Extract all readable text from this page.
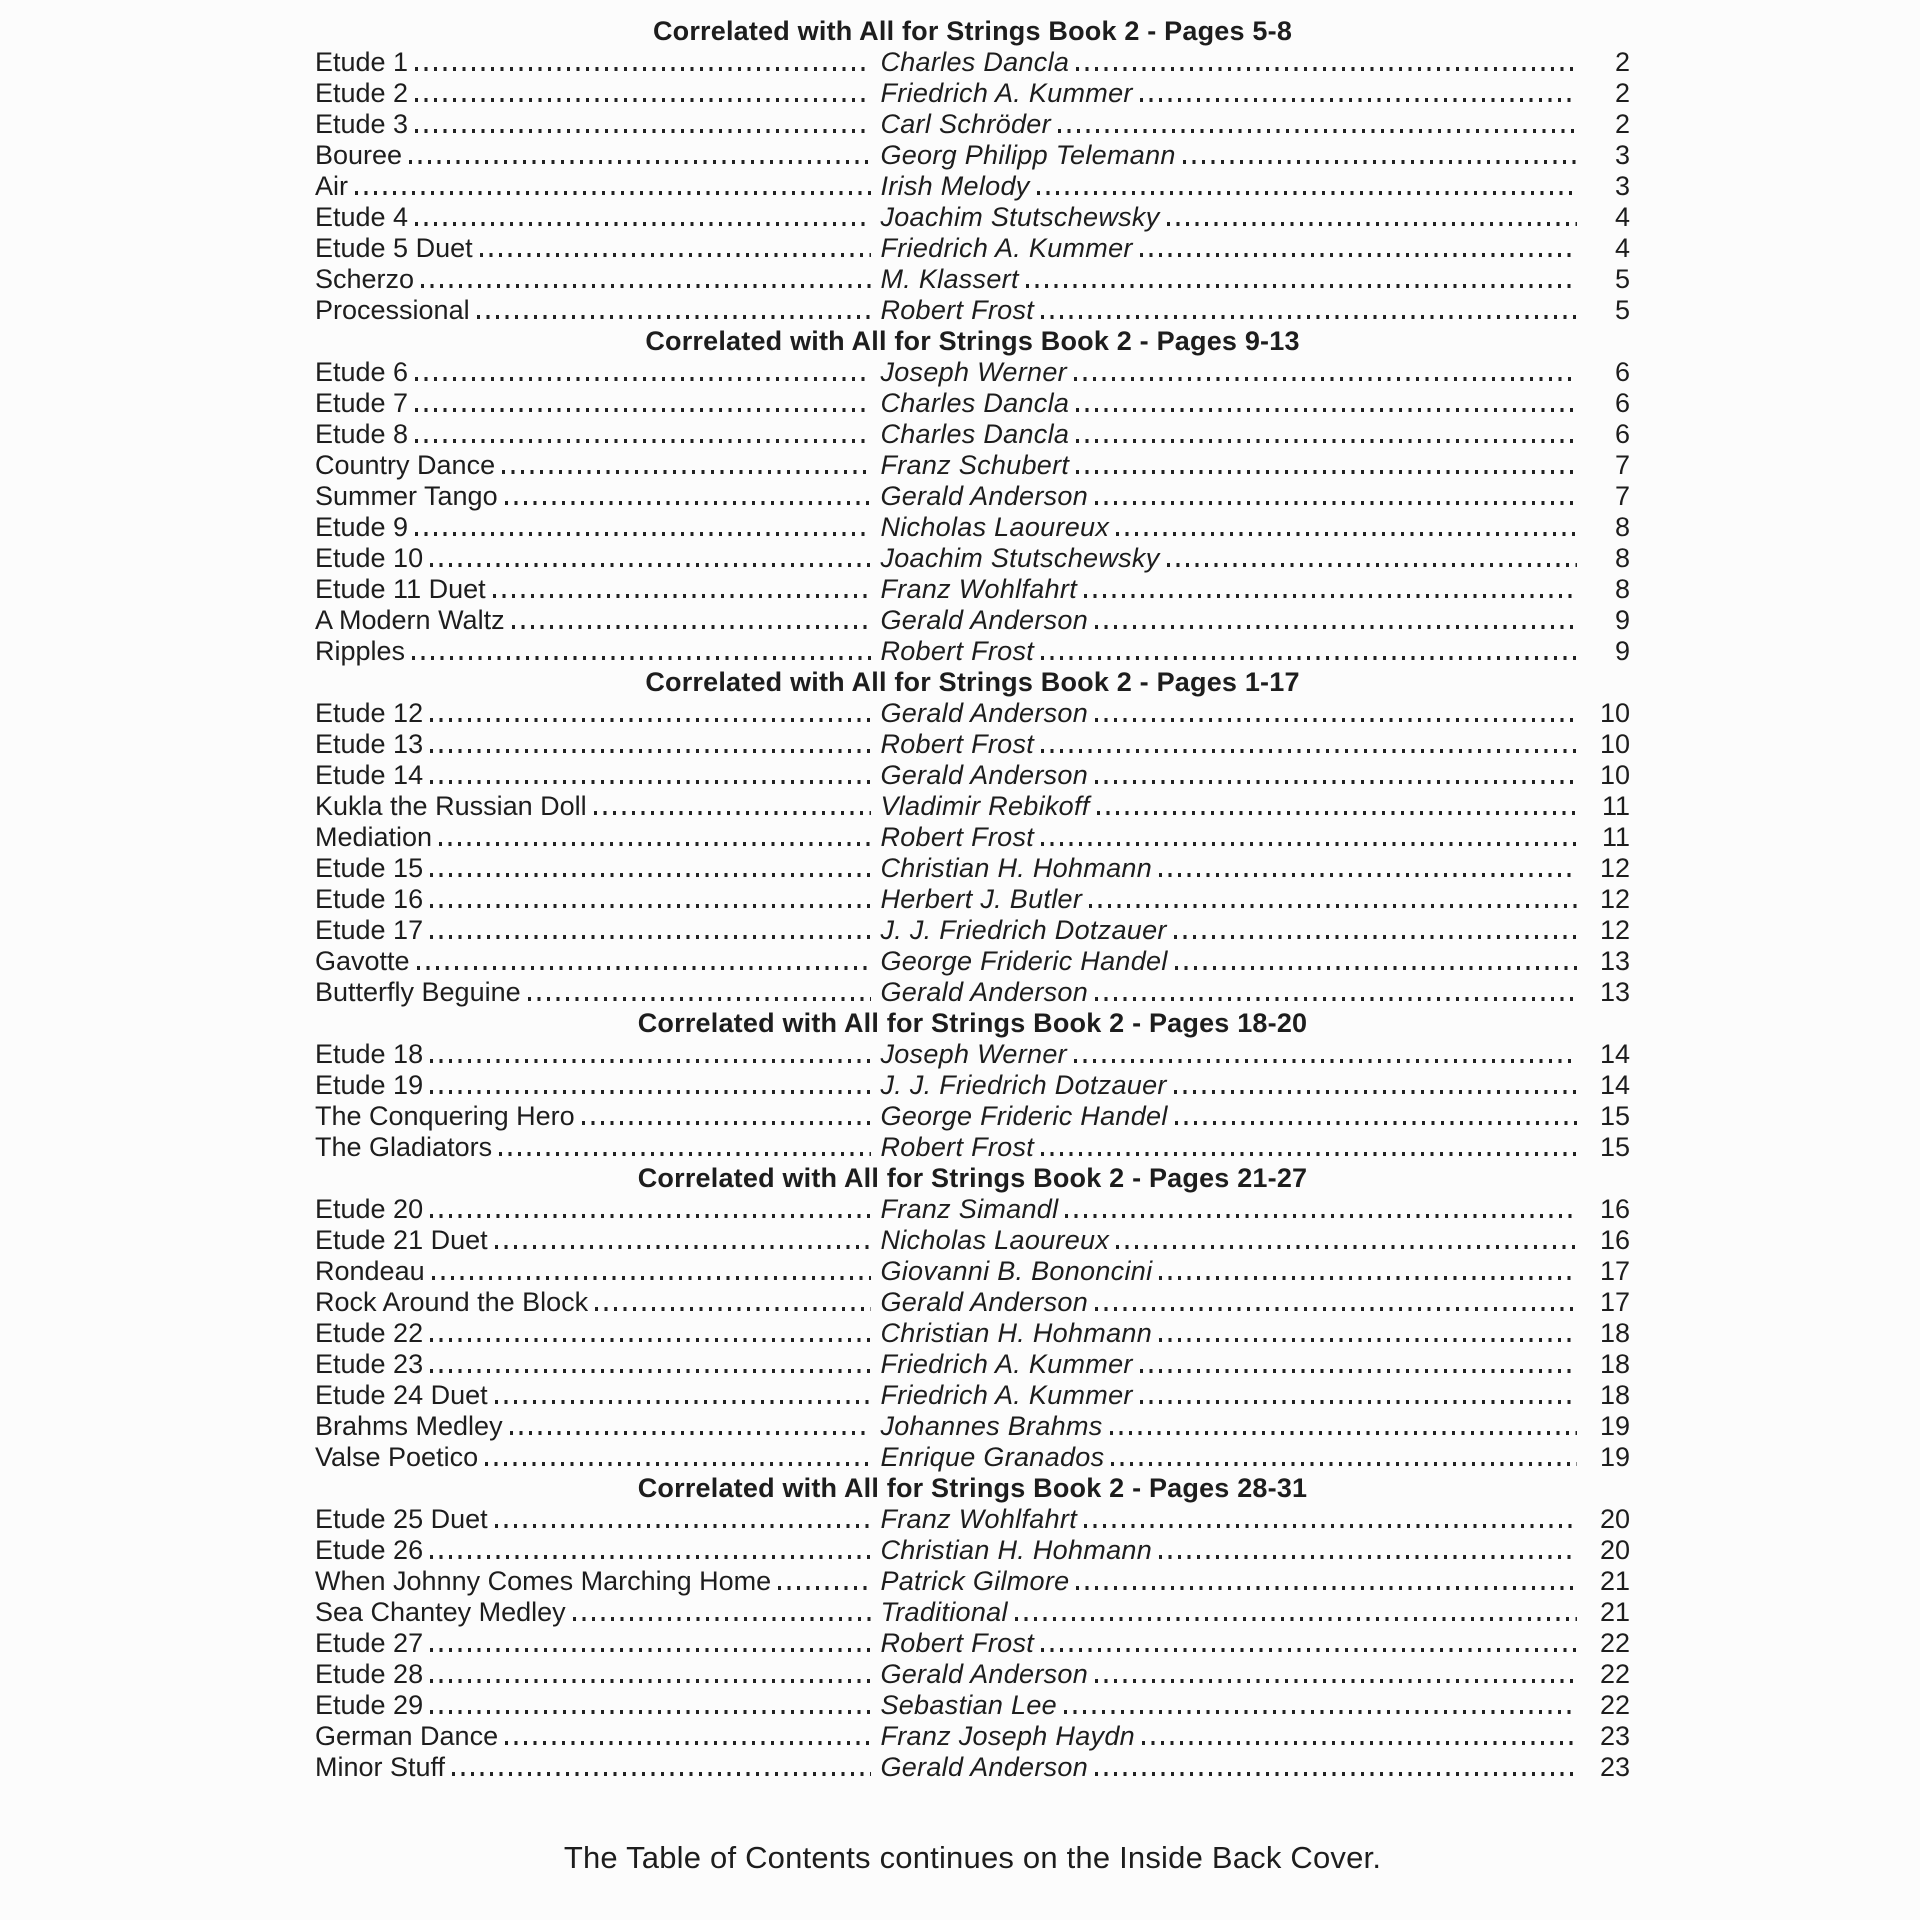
Correlated with All for Strings Book 2 - Pages 5-8
Etude 1	Charles Dancla	2
Etude 2	Friedrich A. Kummer	2
Etude 3	Carl Schröder	2
Bouree	Georg Philipp Telemann	3
Air	Irish Melody	3
Etude 4	Joachim Stutschewsky	4
Etude 5 Duet	Friedrich A. Kummer	4
Scherzo	M. Klassert	5
Processional	Robert Frost	5
Correlated with All for Strings Book 2 - Pages 9-13
Etude 6	Joseph Werner	6
Etude 7	Charles Dancla	6
Etude 8	Charles Dancla	6
Country Dance	Franz Schubert	7
Summer Tango	Gerald Anderson	7
Etude 9	Nicholas Laoureux	8
Etude 10	Joachim Stutschewsky	8
Etude 11 Duet	Franz Wohlfahrt	8
A Modern Waltz	Gerald Anderson	9
Ripples	Robert Frost	9
Correlated with All for Strings Book 2 - Pages 1-17
Etude 12	Gerald Anderson	10
Etude 13	Robert Frost	10
Etude 14	Gerald Anderson	10
Kukla the Russian Doll	Vladimir Rebikoff	11
Mediation	Robert Frost	11
Etude 15	Christian H. Hohmann	12
Etude 16	Herbert J. Butler	12
Etude 17	J. J. Friedrich Dotzauer	12
Gavotte	George Frideric Handel	13
Butterfly Beguine	Gerald Anderson	13
Correlated with All for Strings Book 2 - Pages 18-20
Etude 18	Joseph Werner	14
Etude 19	J. J. Friedrich Dotzauer	14
The Conquering Hero	George Frideric Handel	15
The Gladiators	Robert Frost	15
Correlated with All for Strings Book 2 - Pages 21-27
Etude 20	Franz Simandl	16
Etude 21 Duet	Nicholas Laoureux	16
Rondeau	Giovanni B. Bononcini	17
Rock Around the Block	Gerald Anderson	17
Etude 22	Christian H. Hohmann	18
Etude 23	Friedrich A. Kummer	18
Etude 24 Duet	Friedrich A. Kummer	18
Brahms Medley	Johannes Brahms	19
Valse Poetico	Enrique Granados	19
Correlated with All for Strings Book 2 - Pages 28-31
Etude 25 Duet	Franz Wohlfahrt	20
Etude 26	Christian H. Hohmann	20
When Johnny Comes Marching Home	Patrick Gilmore	21
Sea Chantey Medley	Traditional	21
Etude 27	Robert Frost	22
Etude 28	Gerald Anderson	22
Etude 29	Sebastian Lee	22
German Dance	Franz Joseph Haydn	23
Minor Stuff	Gerald Anderson	23
The Table of Contents continues on the Inside Back Cover.
